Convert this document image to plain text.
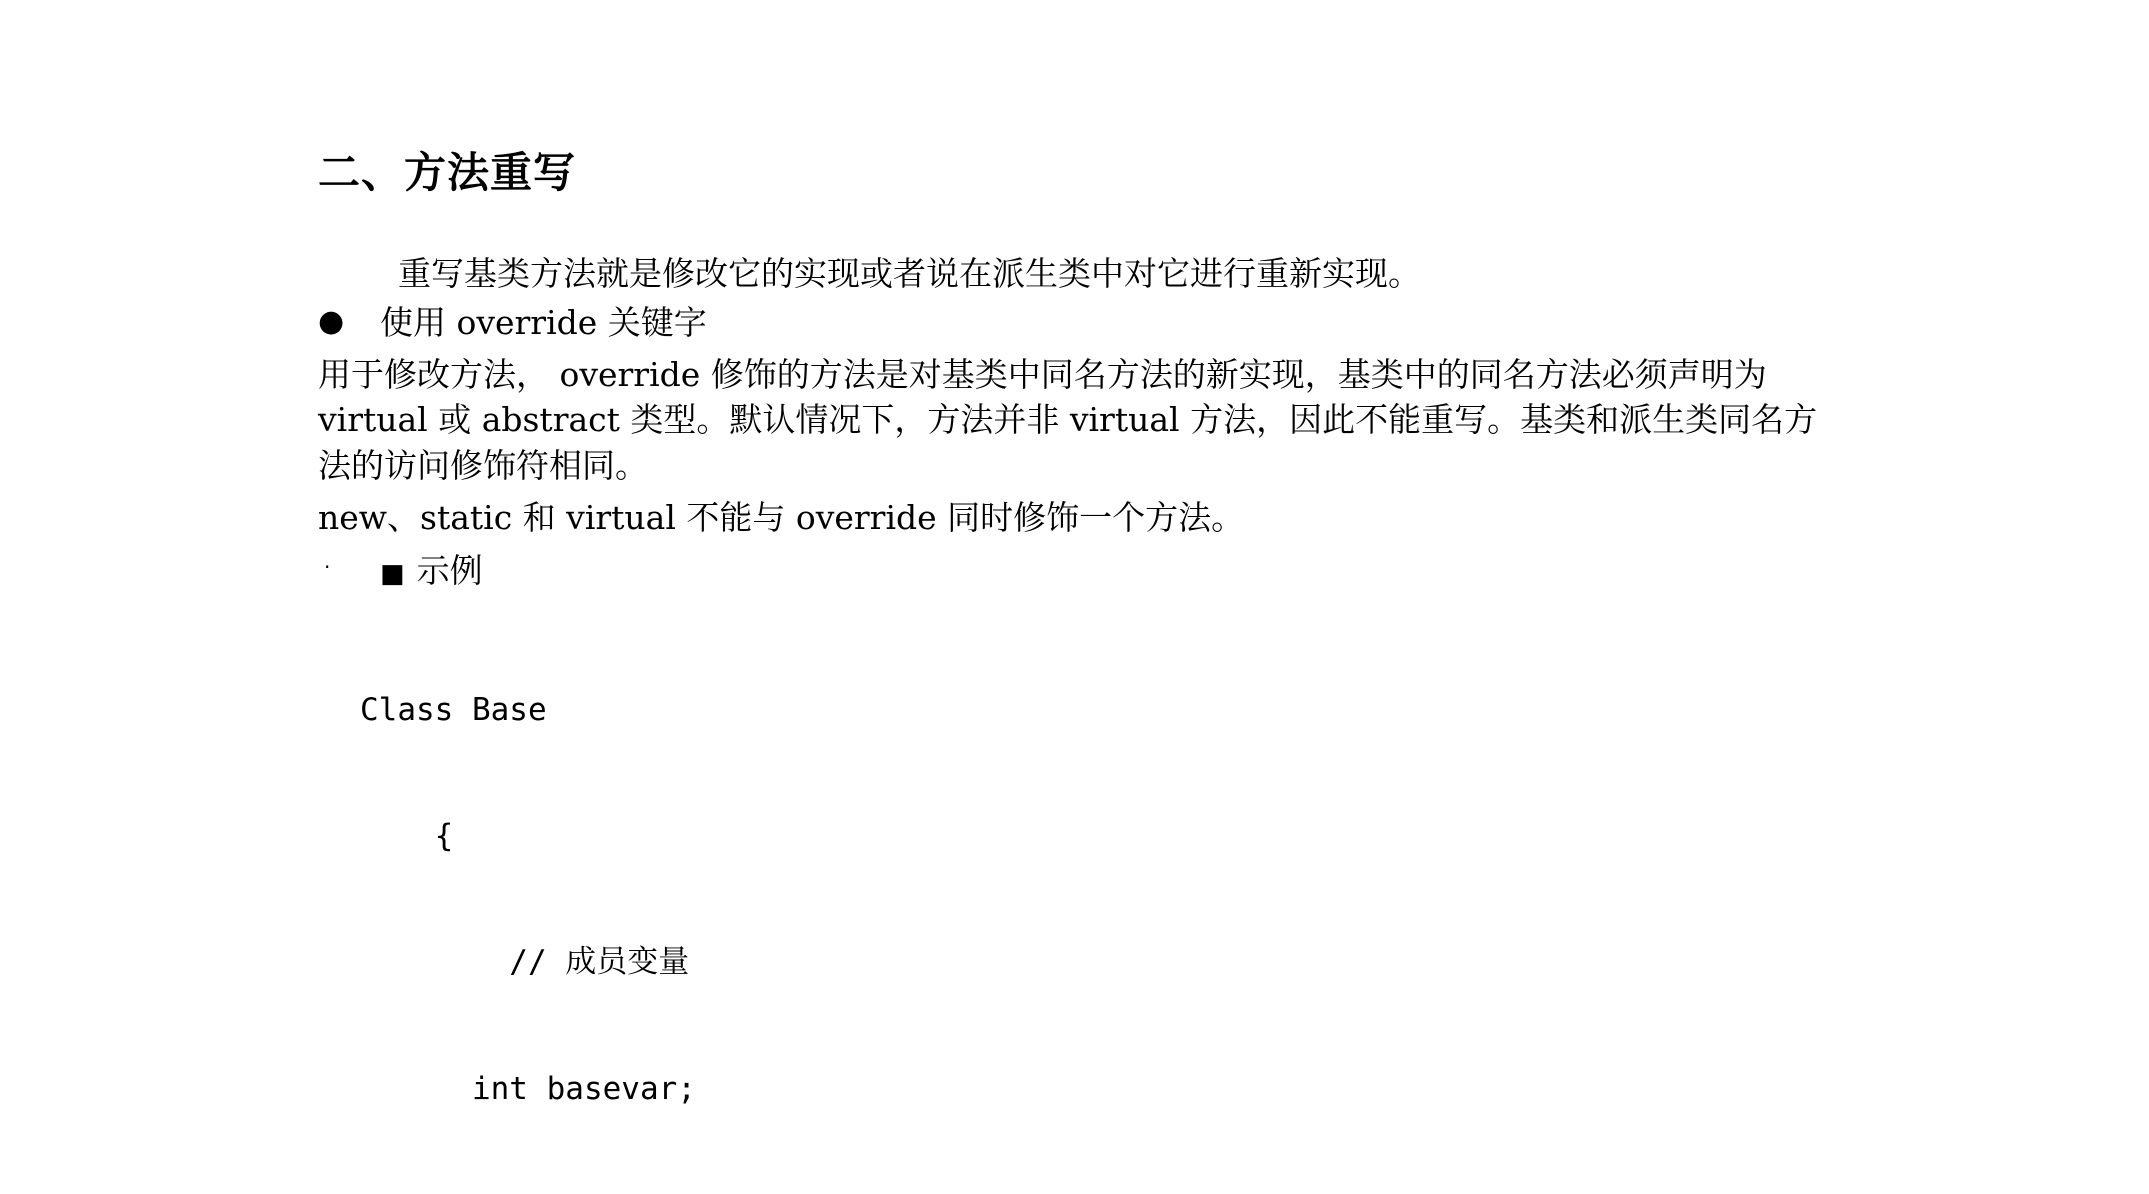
二、方法重写

重写基类方法就是修改它的实现或者说在派生类中对它进行重新实现。

●	使用 override 关键字

用于修改方法， override 修饰的方法是对基类中同名方法的新实现，基类中的同名方法必须声明为 virtual 或 abstract 类型。默认情况下，方法并非 virtual 方法，因此不能重写。基类和派生类同名方法的访问修饰符相同。

new、static 和 virtual 不能与 override 同时修饰一个方法。

·	■ 示例

Class Base

{

// 成员变量

int basevar;
